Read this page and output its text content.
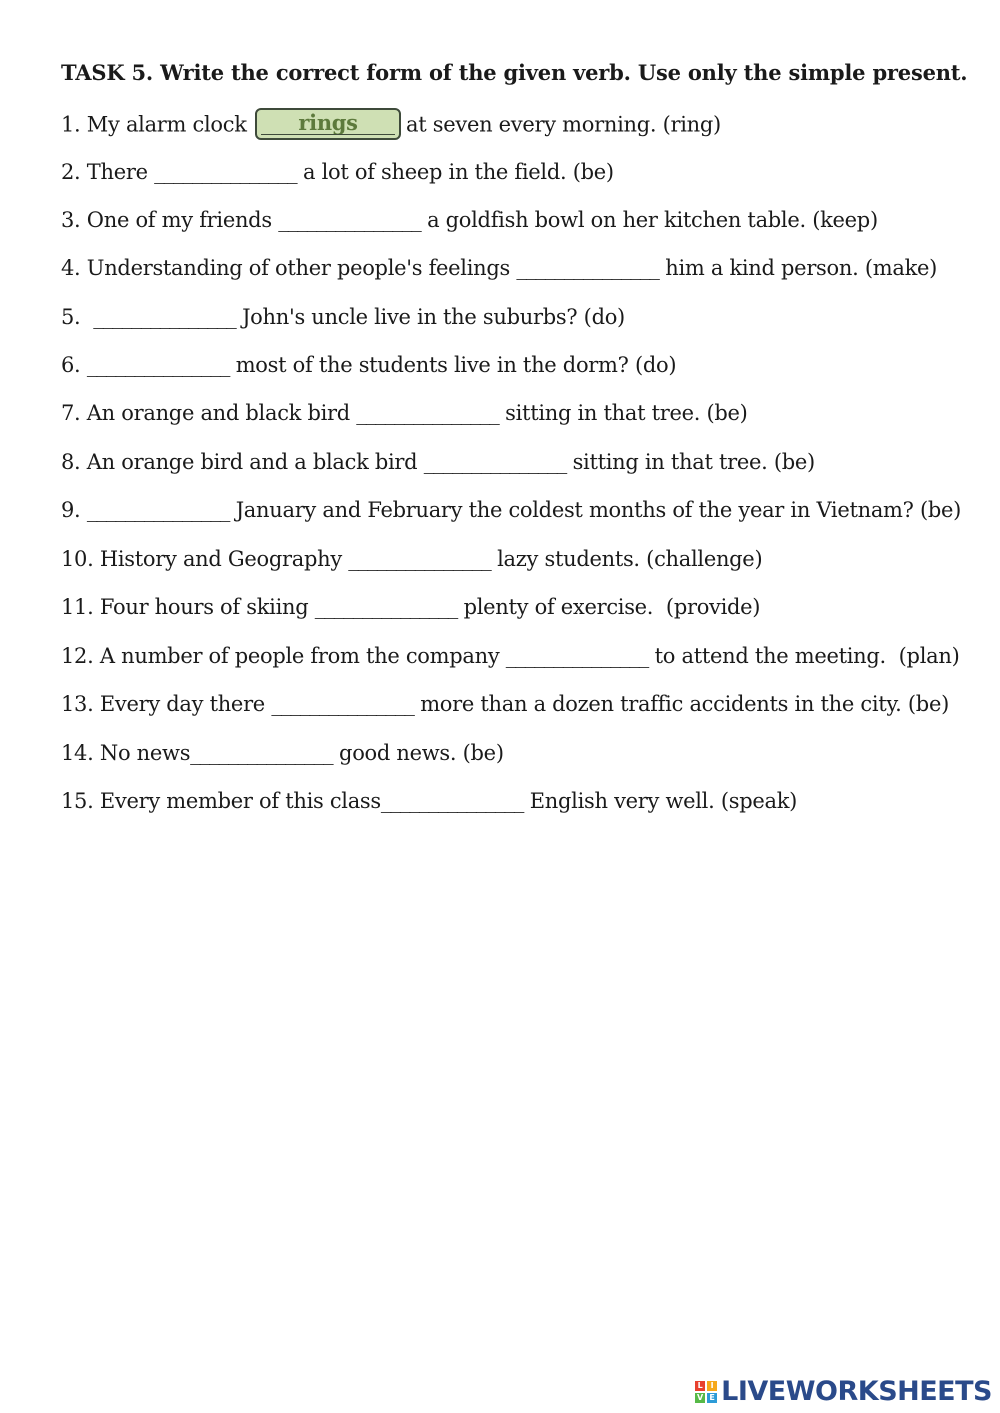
TASK 5. Write the correct form of the given verb. Use only the simple present.
1. My alarm clock	rings	at seven every morning. (ring)
2. There _______________ a lot of sheep in the field. (be)
3. One of my friends _______________ a goldfish bowl on her kitchen table. (keep)
4. Understanding of other people's feelings _______________ him a kind person. (make)
5.  _______________ John's uncle live in the suburbs? (do)
6. _______________ most of the students live in the dorm? (do)
7. An orange and black bird _______________ sitting in that tree. (be)
8. An orange bird and a black bird _______________ sitting in that tree. (be)
9. _______________ January and February the coldest months of the year in Vietnam? (be)
10. History and Geography _______________ lazy students. (challenge)
11. Four hours of skiing _______________ plenty of exercise.  (provide)
12. A number of people from the company _______________ to attend the meeting.  (plan)
13. Every day there _______________ more than a dozen traffic accidents in the city. (be)
14. No news_______________ good news. (be)
15. Every member of this class_______________ English very well. (speak)
L I
V E LIVEWORKSHEETS
